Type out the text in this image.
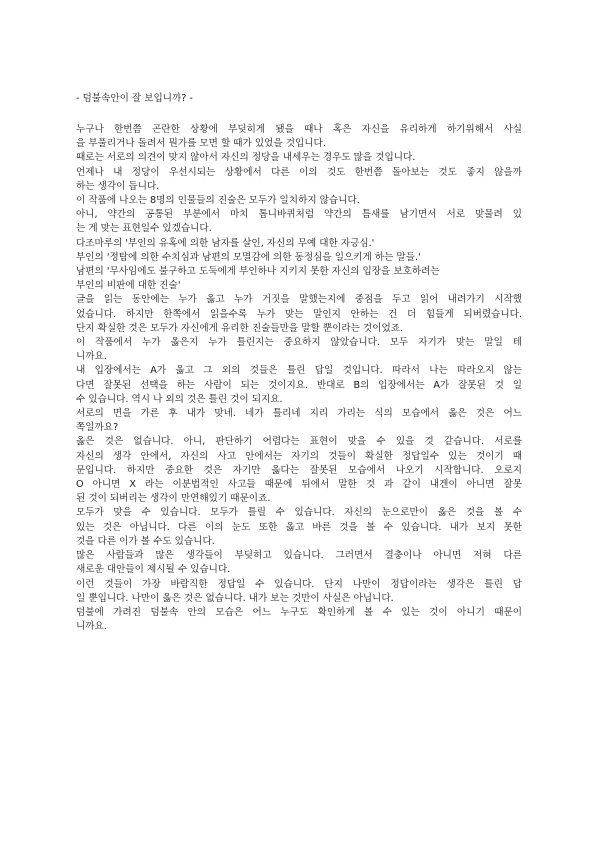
- 덤불속안이 잘 보입니까? -
누구나 한번쯤 곤란한 상황에 부딪히게 됐을 때나 혹은 자신을 유리하게 하기위해서 사실
을 부풀리거나 돌려서 뭔가를 모면 할 때가 있었을 것입니다.
때로는 서로의 의견이 맞지 않아서 자신의 정당을 내세우는 경우도 많을 것입니다.
언제나 내 정당이 우선시되는 상황에서 다른 이의 것도 한번쯤 돌아보는 것도 좋지 않을까
하는 생각이 듭니다.
이 작품에 나오는 8명의 인물들의 진술은 모두가 일치하지 않습니다.
아니, 약간의 공통된 부분에서 마치 톱니바퀴처럼 약간의 틈새를 남기면서 서로 맞물려 있
는 게 맞는 표현일수 있겠습니다.
다조마루의 '부인의 유혹에 의한 남자를 살인, 자신의 무예 대한 자긍심.'
부인의 '정탐에 의한 수치심과 남편의 모멸감에 의한 동정심을 일으키게 하는 말들.'
남편의 '무사임에도 불구하고 도둑에게 부인하나 지키지 못한 자신의 입장을 보호하려는
부인의 비판에 대한 진술'
글을 읽는 동안에는 누가 옳고 누가 거짓을 말했는지에 중점을 두고 읽어 내려가기 시작했
었습니다. 하지만 한쪽에서 읽을수록 누가 맞는 말인지 안하는 건 더 힘들게 되버렸습니다.
단지 확실한 것은 모두가 자신에게 유리한 진술들만을 말할 뿐이라는 것이었죠.
이 작품에서 누가 옳은지 누가 틀린지는 중요하지 않았습니다. 모두 자기가 맞는 말일 테
니까요.
내 입장에서는 A가 옳고 그 외의 것들은 틀린 답일 것입니다. 따라서 나는 따라오지 않는
다면 잘못된 선택을 하는 사람이 되는 것이지요. 반대로 B의 입장에서는 A가 잘못된 것 일
수 있습니다. 역시 나 외의 것은 틀린 것이 되지요.
서로의 면을 가른 후 내가 맞네. 네가 틀리네 지리 가리는 식의 모습에서 옳은 것은 어느
쪽일까요?
옳은 것은 없습니다. 아니, 판단하기 어렵다는 표현이 맞을 수 있을 것 같습니다. 서로를
자신의 생각 안에서, 자신의 사고 안에서는 자기의 것들이 확실한 정답일수 있는 것이기 때
문입니다. 하지만 중요한 것은 자기만 옳다는 잘못된 모습에서 나오기 시작합니다. 오로지
O 아니면 X 라는 이분법적인 사고들 때문에 뒤에서 말한 것 과 같이 내겐이 아니면 잘못
된 것이 되버리는 생각이 만연해있기 때문이죠.
모두가 맞을 수 있습니다. 모두가 틀릴 수 있습니다. 자신의 눈으로만이 옳은 것을 볼 수
있는 것은 아닙니다. 다른 이의 눈도 또한 옳고 바른 것을 볼 수 있습니다. 내가 보지 못한
것을 다른 이가 볼 수도 있습니다.
많은 사람들과 많은 생각들이 부딪히고 있습니다. 그러면서 결충이나 아니면 저혀 다른
새로운 대안들이 제시될 수 있습니다.
이런 것들이 가장 바람직한 정답일 수 있습니다. 단지 나만이 정답이라는 생각은 틀린 답
일 뿐입니다. 나만이 옳은 것은 없습니다. 내가 보는 것만이 사실은 아닙니다.
덤불에 가려진 덤불속 안의 모습은 어느 누구도 확인하게 볼 수 있는 것이 아니기 때문이
니까요.
